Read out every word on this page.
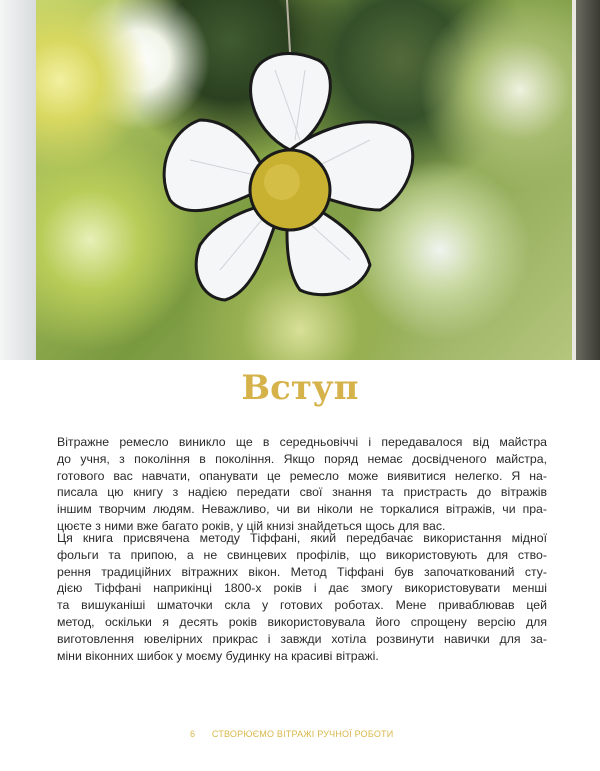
Вступ
Вітражне ремесло виникло ще в середньовіччі і передавалося від майстра
до учня, з покоління в покоління. Якщо поряд немає досвідченого майстра,
готового вас навчати, опанувати це ремесло може виявитися нелегко. Я на-
писала цю книгу з надією передати свої знання та пристрасть до вітражів
іншим творчим людям. Неважливо, чи ви ніколи не торкалися вітражів, чи пра-
цюєте з ними вже багато років, у цій книзі знайдеться щось для вас.
Ця книга присвячена методу Тіффані, який передбачає використання мідної
фольги та припою, а не свинцевих профілів, що використовують для ство-
рення традиційних вітражних вікон. Метод Тіффані був започаткований сту-
дією Тіффані наприкінці 1800-х років і дає змогу використовувати менші
та вишуканіші шматочки скла у готових роботах. Мене приваблював цей
метод, оскільки я десять років використовувала його спрощену версію для
виготовлення ювелірних прикрас і завжди хотіла розвинути навички для за-
міни віконних шибок у моєму будинку на красиві вітражі.
6 СТВОРЮЄМО ВІТРАЖІ РУЧНОЇ РОБОТИ
